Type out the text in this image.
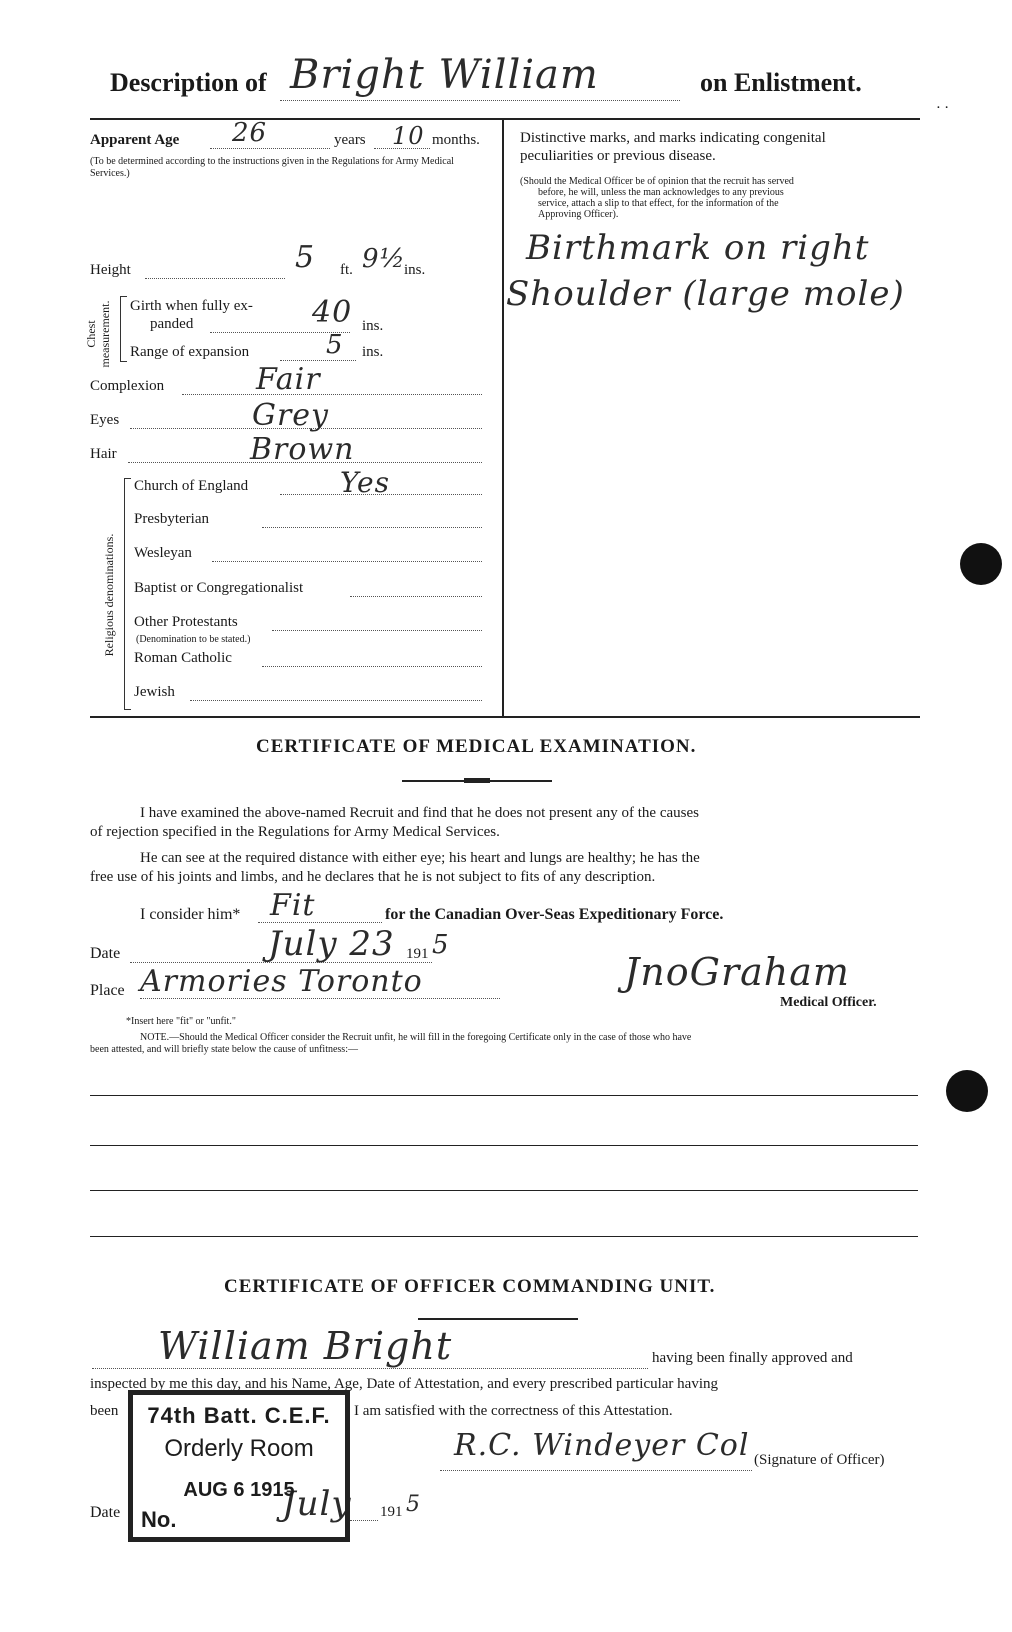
Description of Bright William	on Enlistment.
⋅ ⋅
Apparent Age 26	years 10 months.
(To be determined according to the instructions given in the Regulations for Army Medical Services.)
Height	5 ft. 9½
ins.
Chest measurement. Girth when fully ex-
panded	40 ins.
Range of expansion	5 ins.
Complexion	Fair
Eyes	Grey
Hair	Brown
Religious denominations.
Church of England	Yes
Presbyterian
Wesleyan
Baptist or Congregationalist
Other Protestants
(Denomination to be stated.)
Roman Catholic
Jewish
Distinctive marks, and marks indicating congenital
peculiarities or previous disease.
(Should the Medical Officer be of opinion that the recruit has served
before, he will, unless the man acknowledges to any previous
service, attach a slip to that effect, for the information of the
Approving Officer).
Birthmark on right
Shoulder (large mole)
CERTIFICATE OF MEDICAL EXAMINATION.
I have examined the above-named Recruit and find that he does not present any of the causes
of rejection specified in the Regulations for Army Medical Services.
He can see at the required distance with either eye; his heart and lungs are healthy; he has the
free use of his joints and limbs, and he declares that he is not subject to fits of any description.
I consider him* Fit	for the Canadian Over-Seas Expeditionary Force.
Date	July 23 191 5
Place Armories Toronto	JnoGraham
Medical Officer.
*Insert here "fit" or "unfit."
NOTE.—Should the Medical Officer consider the Recruit unfit, he will fill in the foregoing Certificate only in the case of those who have
been attested, and will briefly state below the cause of unfitness:—
CERTIFICATE OF OFFICER COMMANDING UNIT.
William Bright	having been finally approved and
inspected by me this day, and his Name, Age, Date of Attestation, and every prescribed particular having
been	I am satisfied with the correctness of this Attestation.
R.C. Windeyer Col (Signature of Officer)
Date	July 191 5
74th Batt. C.E.F.
Orderly Room
AUG 6 1915
No.
